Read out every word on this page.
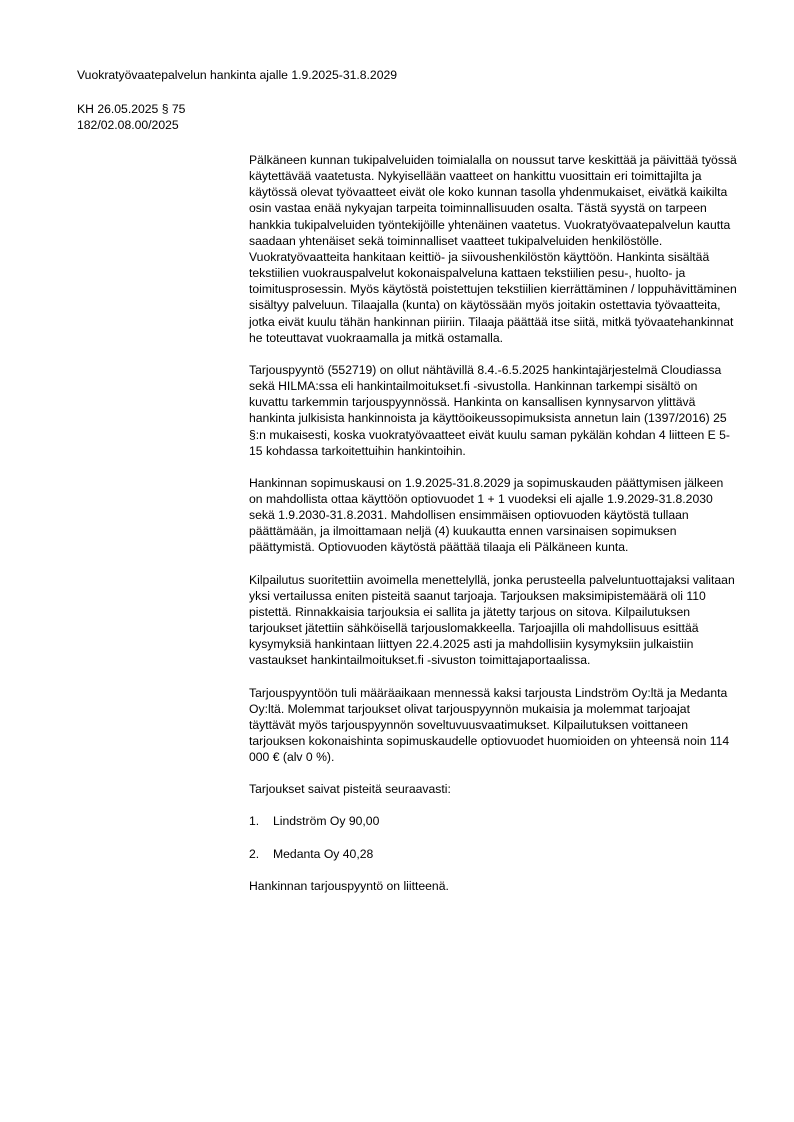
Vuokratyövaatepalvelun hankinta ajalle 1.9.2025-31.8.2029
KH 26.05.2025 § 75
182/02.08.00/2025

Pälkäneen kunnan tukipalveluiden toimialalla on noussut tarve keskittää ja päivittää työssä käytettävää vaatetusta. Nykyisellään vaatteet on hankittu vuosittain eri toimittajilta ja käytössä olevat työvaatteet eivät ole koko kunnan tasolla yhdenmukaiset, eivätkä kaikilta osin vastaa enää nykyajan tarpeita toiminnallisuuden osalta. Tästä syystä on tarpeen hankkia tukipalveluiden työntekijöille yhtenäinen vaatetus. Vuokratyövaatepalvelun kautta saadaan yhtenäiset sekä toiminnalliset vaatteet tukipalveluiden henkilöstölle. Vuokratyövaatteita hankitaan keittiö- ja siivoushenkilöstön käyttöön. Hankinta sisältää tekstiilien vuokrauspalvelut kokonaispalveluna kattaen tekstiilien pesu-, huolto- ja toimitusprosessin. Myös käytöstä poistettujen tekstiilien kierrättäminen / loppuhävittäminen sisältyy palveluun. Tilaajalla (kunta) on käytössään myös joitakin ostettavia työvaatteita, jotka eivät kuulu tähän hankinnan piiriin. Tilaaja päättää itse siitä, mitkä työvaatehankinnat he toteuttavat vuokraamalla ja mitkä ostamalla.

Tarjouspyyntö (552719) on ollut nähtävillä 8.4.-6.5.2025 hankintajärjestelmä Cloudiassa sekä HILMA:ssa eli hankintailmoitukset.fi -sivustolla. Hankinnan tarkempi sisältö on kuvattu tarkemmin tarjouspyynnössä. Hankinta on kansallisen kynnysarvon ylittävä hankinta julkisista hankinnoista ja käyttöoikeussopimuksista annetun lain (1397/2016) 25 §:n mukaisesti, koska vuokratyövaatteet eivät kuulu saman pykälän kohdan 4 liitteen E 5-15 kohdassa tarkoitettuihin hankintoihin.

Hankinnan sopimuskausi on 1.9.2025-31.8.2029 ja sopimuskauden päättymisen jälkeen on mahdollista ottaa käyttöön optiovuodet 1 + 1 vuodeksi eli ajalle 1.9.2029-31.8.2030 sekä 1.9.2030-31.8.2031. Mahdollisen ensimmäisen optiovuoden käytöstä tullaan päättämään, ja ilmoittamaan neljä (4) kuukautta ennen varsinaisen sopimuksen päättymistä. Optiovuoden käytöstä päättää tilaaja eli Pälkäneen kunta.

Kilpailutus suoritettiin avoimella menettelyllä, jonka perusteella palveluntuottajaksi valitaan yksi vertailussa eniten pisteitä saanut tarjoaja. Tarjouksen maksimipistemäärä oli 110 pistettä. Rinnakkaisia tarjouksia ei sallita ja jätetty tarjous on sitova. Kilpailutuksen tarjoukset jätettiin sähköisellä tarjouslomakkeella. Tarjoajilla oli mahdollisuus esittää kysymyksiä hankintaan liittyen 22.4.2025 asti ja mahdollisiin kysymyksiin julkaistiin vastaukset hankintailmoitukset.fi -sivuston toimittajaportaalissa.

Tarjouspyyntöön tuli määräaikaan mennessä kaksi tarjousta Lindström Oy:ltä ja Medanta Oy:ltä. Molemmat tarjoukset olivat tarjouspyynnön mukaisia ja molemmat tarjoajat täyttävät myös tarjouspyynnön soveltuvuusvaatimukset. Kilpailutuksen voittaneen tarjouksen kokonaishinta sopimuskaudelle optiovuodet huomioiden on yhteensä noin 114 000 € (alv 0 %).

Tarjoukset saivat pisteitä seuraavasti:

1.	Lindström Oy 90,00
2.	Medanta Oy 40,28

Hankinnan tarjouspyyntö on liitteenä.
